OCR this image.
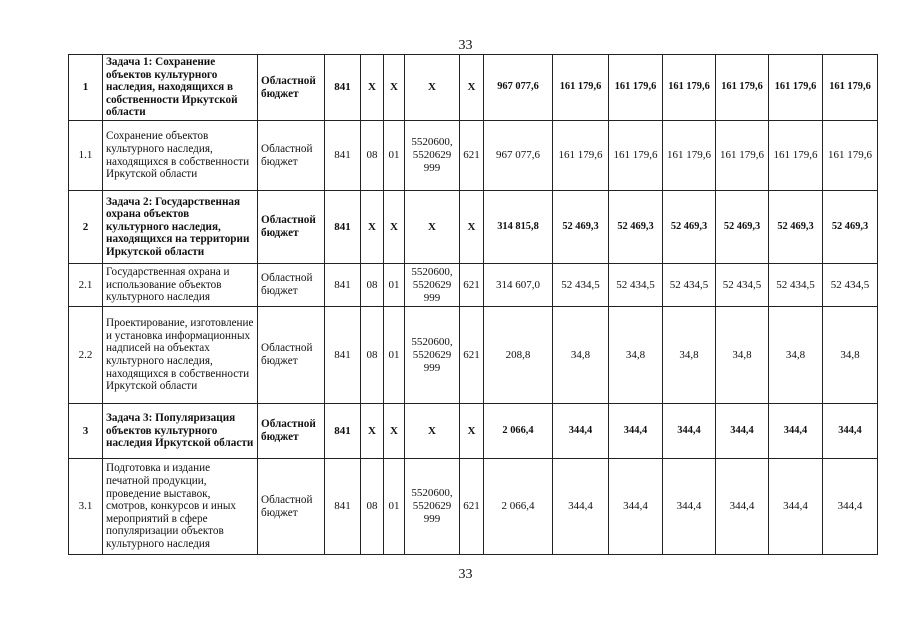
33
1	Задача 1: Сохранение объектов культурного наследия, находящихся в собственности Иркутской области	Областной бюджет	841	X	X	X	X	967 077,6	161 179,6	161 179,6	161 179,6	161 179,6	161 179,6	161 179,6
1.1	Сохранение объектов культурного наследия, находящихся в собственности Иркутской области	Областной бюджет	841	08	01	5520600, 5520629 999	621	967 077,6	161 179,6	161 179,6	161 179,6	161 179,6	161 179,6	161 179,6
2	Задача 2: Государственная охрана объектов культурного наследия, находящихся на территории Иркутской области	Областной бюджет	841	X	X	X	X	314 815,8	52 469,3	52 469,3	52 469,3	52 469,3	52 469,3	52 469,3
2.1	Государственная охрана и использование объектов культурного наследия	Областной бюджет	841	08	01	5520600, 5520629 999	621	314 607,0	52 434,5	52 434,5	52 434,5	52 434,5	52 434,5	52 434,5
2.2	Проектирование, изготовление и установка информационных надписей на объектах культурного наследия, находящихся в собственности Иркутской области	Областной бюджет	841	08	01	5520600, 5520629 999	621	208,8	34,8	34,8	34,8	34,8	34,8	34,8
3	Задача 3: Популяризация объектов культурного наследия Иркутской области	Областной бюджет	841	X	X	X	X	2 066,4	344,4	344,4	344,4	344,4	344,4	344,4
3.1	Подготовка и издание печатной продукции, проведение выставок, смотров, конкурсов и иных мероприятий в сфере популяризации объектов культурного наследия	Областной бюджет	841	08	01	5520600, 5520629 999	621	2 066,4	344,4	344,4	344,4	344,4	344,4	344,4
33
